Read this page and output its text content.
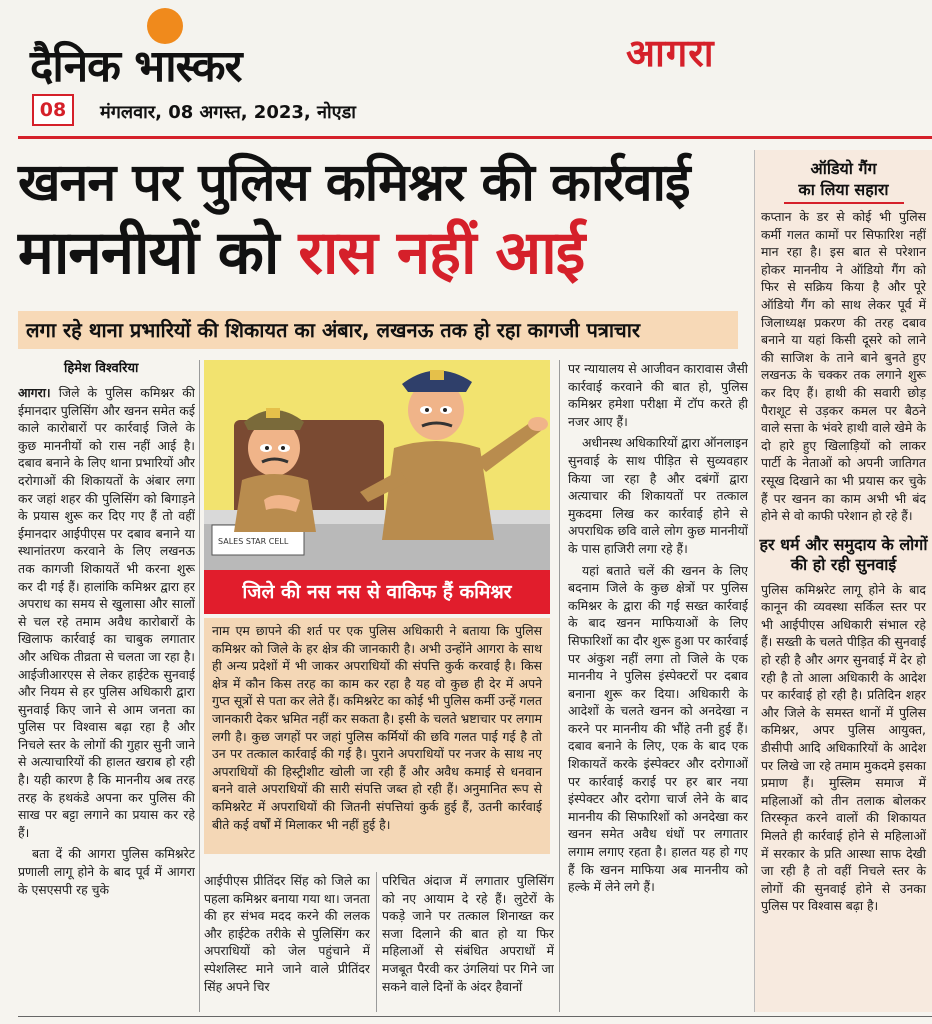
दैनिक भास्कर	आगरा
08	मंगलवार, 08 अगस्त, 2023, नोएडा
खनन पर पुलिस कमिश्नर की कार्रवाई
माननीयों को रास नहीं आई
लगा रहे थाना प्रभारियों की शिकायत का अंबार, लखनऊ तक हो रहा कागजी पत्राचार
हिमेश विश्वरिया

आगरा। जिले के पुलिस कमिश्नर की ईमानदार पुलिसिंग और खनन समेत कई काले कारोबारों पर कार्रवाई जिले के कुछ माननीयों को रास नहीं आई है। दबाव बनाने के लिए थाना प्रभारियों और दरोगाओं की शिकायतों के अंबार लगा कर जहां शहर की पुलिसिंग को बिगाड़ने के प्रयास शुरू कर दिए गए हैं तो वहीं ईमानदार आईपीएस पर दबाव बनाने या स्थानांतरण करवाने के लिए लखनऊ तक कागजी शिकायतें भी करना शुरू कर दी गई हैं। हालांकि कमिश्नर द्वारा हर अपराध का समय से खुलासा और सालों से चल रहे तमाम अवैध कारोबारों के खिलाफ कार्रवाई का चाबुक लगातार और अधिक तीव्रता से चलता जा रहा है। आईजीआरएस से लेकर हाईटेक सुनवाई और नियम से हर पुलिस अधिकारी द्वारा सुनवाई किए जाने से आम जनता का पुलिस पर विश्वास बढ़ा रहा है और निचले स्तर के लोगों की गुहार सुनी जाने से अत्याचारियों की हालत खराब हो रही है। यही कारण है कि माननीय अब तरह तरह के हथकंडे अपना कर पुलिस की साख पर बट्टा लगाने का प्रयास कर रहे हैं।

बता दें की आगरा पुलिस कमिश्नरेट प्रणाली लागू होने के बाद पूर्व में आगरा के एसएसपी रह चुके

SALES STAR CELL
जिले की नस नस से वाकिफ हैं कमिश्नर
नाम एम छापने की शर्त पर एक पुलिस अधिकारी ने बताया कि पुलिस कमिश्नर को जिले के हर क्षेत्र की जानकारी है। अभी उन्होंने आगरा के साथ ही अन्य प्रदेशों में भी जाकर अपराधियों की संपत्ति कुर्क करवाई है। किस क्षेत्र में कौन किस तरह का काम कर रहा है यह वो कुछ ही देर में अपने गुप्त सूत्रों से पता कर लेते हैं। कमिश्नरेट का कोई भी पुलिस कर्मी उन्हें गलत जानकारी देकर भ्रमित नहीं कर सकता है। इसी के चलते भ्रष्टाचार पर लगाम लगी है। कुछ जगहों पर जहां पुलिस कर्मियों की छवि गलत पाई गई है तो उन पर तत्काल कार्रवाई की गई है। पुराने अपराधियों पर नजर के साथ नए अपराधियों की हिस्ट्रीशीट खोली जा रही हैं और अवैध कमाई से धनवान बनने वाले अपराधियों की सारी संपत्ति जब्त हो रही हैं। अनुमानित रूप से कमिश्नरेट में अपराधियों की जितनी संपत्तियां कुर्क हुई हैं, उतनी कार्रवाई बीते कई वर्षों में मिलाकर भी नहीं हुई है।
आईपीएस प्रीतिंदर सिंह को जिले का पहला कमिश्नर बनाया गया था। जनता की हर संभव मदद करने की ललक और हाईटेक तरीके से पुलिसिंग कर अपराधियों को जेल पहुंचाने में स्पेशलिस्ट माने जाने वाले प्रीतिंदर सिंह अपने चिर
परिचित अंदाज में लगातार पुलिसिंग को नए आयाम दे रहे हैं। लुटेरों के पकड़े जाने पर तत्काल शिनाख्त कर सजा दिलाने की बात हो या फिर महिलाओं से संबंधित अपराधों में मजबूत पैरवी कर उंगलियां पर गिने जा सकने वाले दिनों के अंदर हैवानों

पर न्यायालय से आजीवन कारावास जैसी कार्रवाई करवाने की बात हो, पुलिस कमिश्नर हमेशा परीक्षा में टॉप करते ही नजर आए हैं।

अधीनस्थ अधिकारियों द्वारा ऑनलाइन सुनवाई के साथ पीड़ित से सुव्यवहार किया जा रहा है और दबंगों द्वारा अत्याचार की शिकायतों पर तत्काल मुकदमा लिख कर कार्रवाई होने से अपराधिक छवि वाले लोग कुछ माननीयों के पास हाजिरी लगा रहे हैं।

यहां बताते चलें की खनन के लिए बदनाम जिले के कुछ क्षेत्रों पर पुलिस कमिश्नर के द्वारा की गई सख्त कार्रवाई के बाद खनन माफियाओं के लिए सिफारिशों का दौर शुरू हुआ पर कार्रवाई पर अंकुश नहीं लगा तो जिले के एक माननीय ने पुलिस इंस्पेक्टरों पर दबाव बनाना शुरू कर दिया। अधिकारी के आदेशों के चलते खनन को अनदेखा न करने पर माननीय की भौंहे तनी हुई हैं। दबाव बनाने के लिए, एक के बाद एक शिकायतें करके इंस्पेक्टर और दरोगाओं पर कार्रवाई कराई पर हर बार नया इंस्पेक्टर और दरोगा चार्ज लेने के बाद माननीय की सिफारिशों को अनदेखा कर खनन समेत अवैध धंधों पर लगातार लगाम लगाए रहता है। हालत यह हो गए हैं कि खनन माफिया अब माननीय को हल्के में लेने लगे हैं।

ऑडियो गैंग
का लिया सहारा
कप्तान के डर से कोई भी पुलिस कर्मी गलत कामों पर सिफारिश नहीं मान रहा है। इस बात से परेशान होकर माननीय ने ऑडियो गैंग को फिर से सक्रिय किया है और पूरे ऑडियो गैंग को साथ लेकर पूर्व में जिलाध्यक्ष प्रकरण की तरह दबाव बनाने या यहां किसी दूसरे को लाने की साजिश के ताने बाने बुनते हुए लखनऊ के चक्कर तक लगाने शुरू कर दिए हैं। हाथी की सवारी छोड़ पैराशूट से उड़कर कमल पर बैठने वाले सत्ता के भंवरे हाथी वाले खेमे के दो हारे हुए खिलाड़ियों को लाकर पार्टी के नेताओं को अपनी जातिगत रसूख दिखाने का भी प्रयास कर चुके हैं पर खनन का काम अभी भी बंद होने से वो काफी परेशान हो रहे हैं।
हर धर्म और समुदाय के लोगों की हो रही सुनवाई
पुलिस कमिश्नरेट लागू होने के बाद कानून की व्यवस्था सर्किल स्तर पर भी आईपीएस अधिकारी संभाल रहे हैं। सख्ती के चलते पीड़ित की सुनवाई हो रही है और अगर सुनवाई में देर हो रही है तो आला अधिकारी के आदेश पर कार्रवाई हो रही है। प्रतिदिन शहर और जिले के समस्त थानों में पुलिस कमिश्नर, अपर पुलिस आयुक्त, डीसीपी आदि अधिकारियों के आदेश पर लिखे जा रहे तमाम मुकदमे इसका प्रमाण हैं। मुस्लिम समाज में महिलाओं को तीन तलाक बोलकर तिरस्कृत करने वालों की शिकायत मिलते ही कार्रवाई होने से महिलाओं में सरकार के प्रति आस्था साफ देखी जा रही है तो वहीं निचले स्तर के लोगों की सुनवाई होने से उनका पुलिस पर विश्वास बढ़ा है।
